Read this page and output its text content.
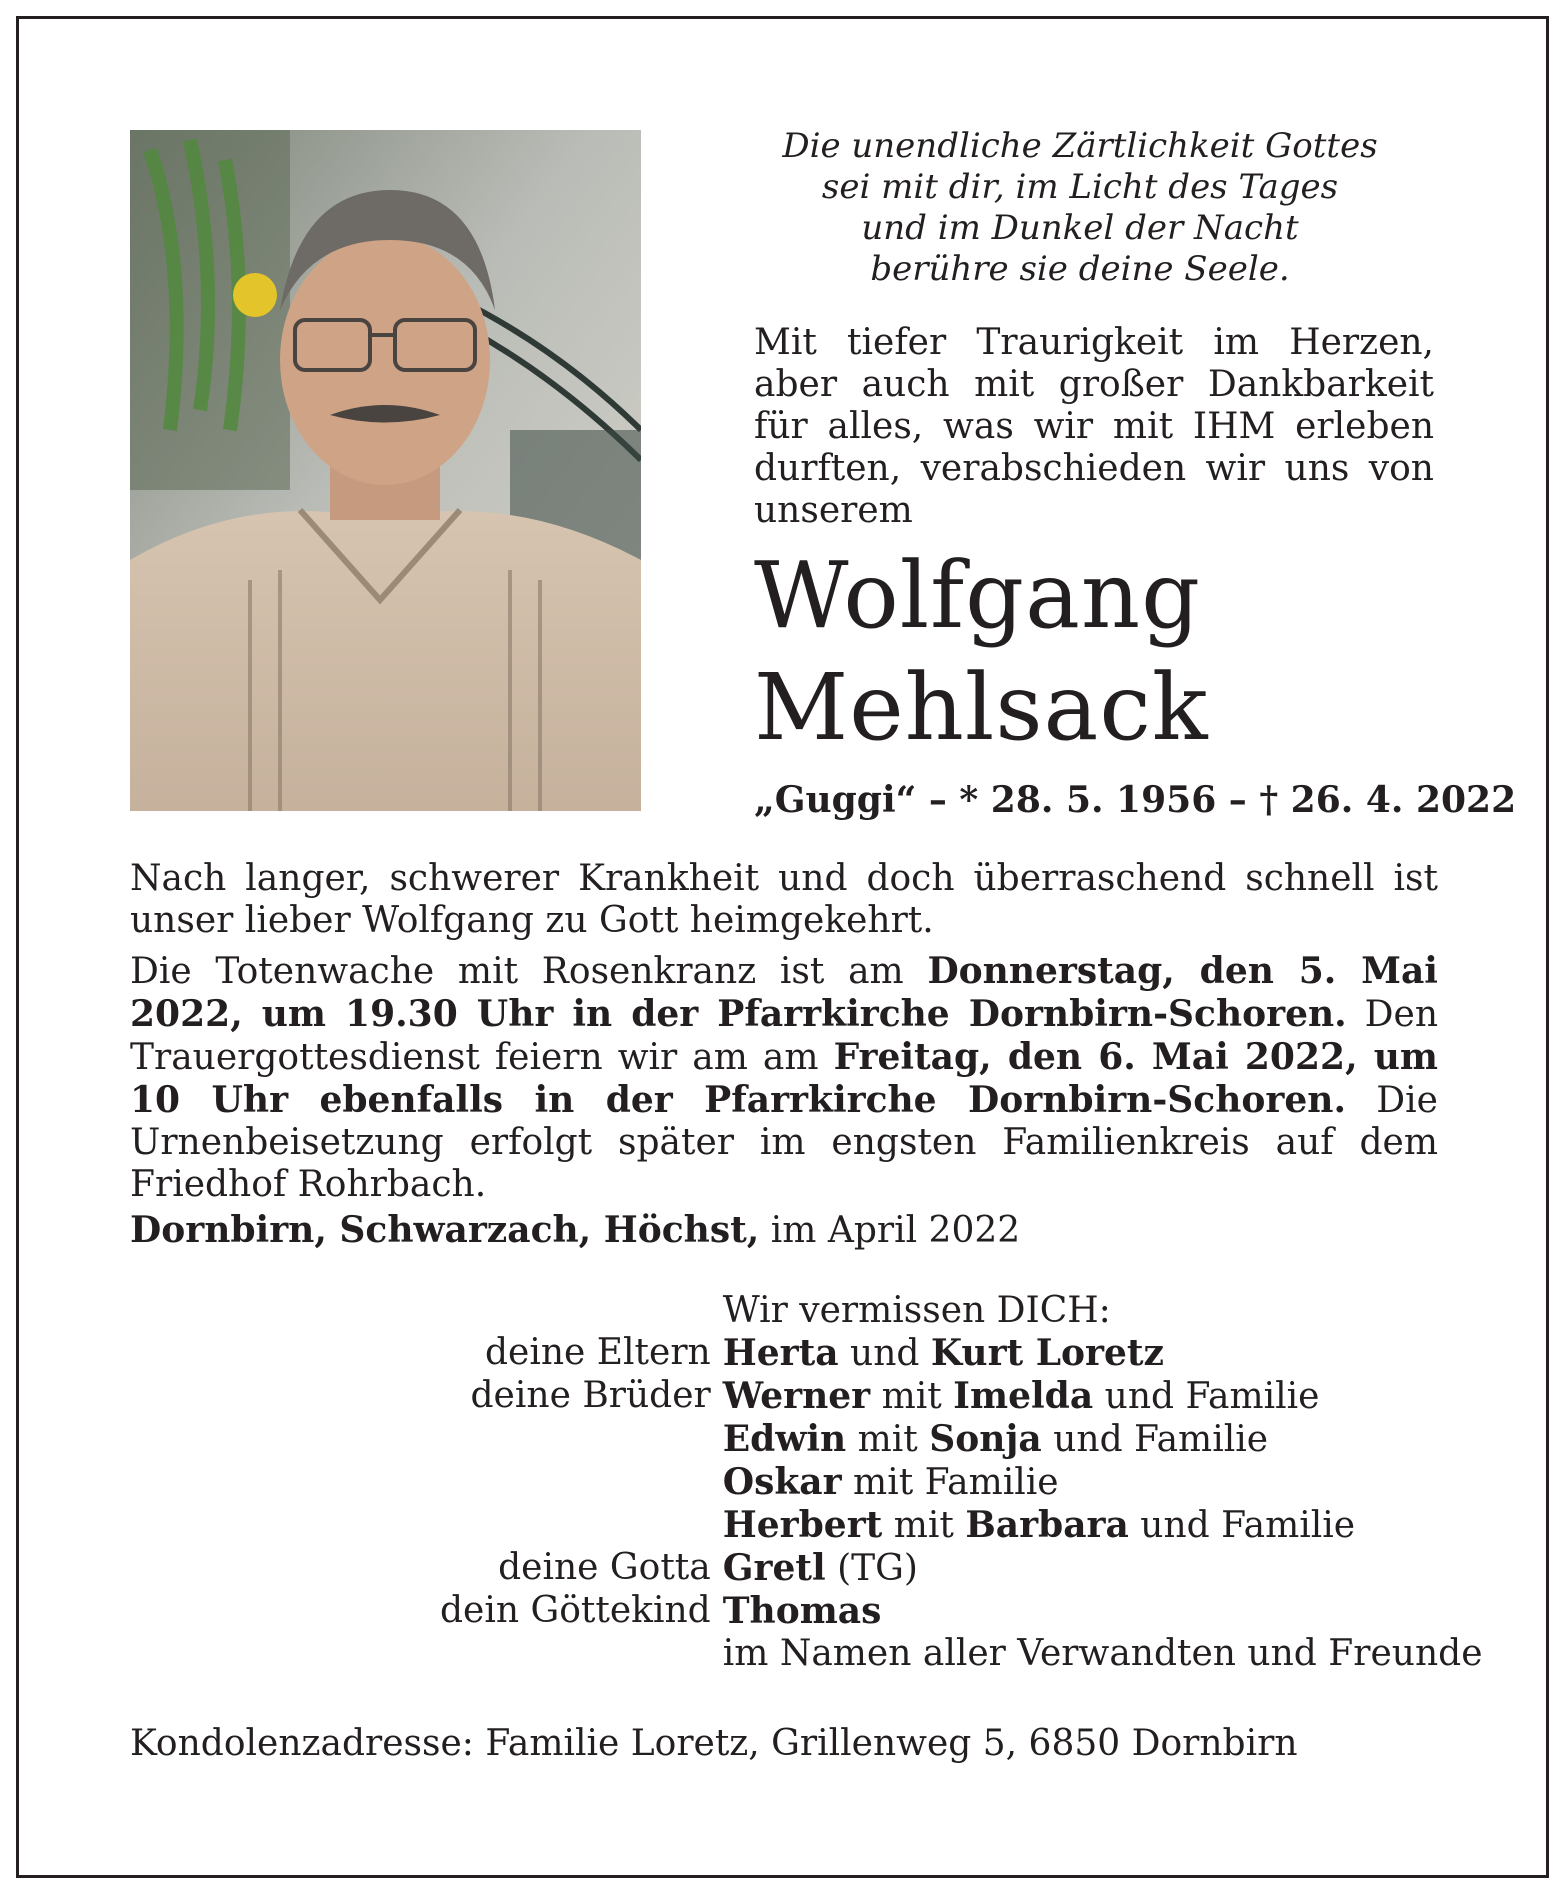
Die unendliche Zärtlichkeit Gottes
sei mit dir, im Licht des Tages
und im Dunkel der Nacht
berühre sie deine Seele.
Mit tiefer Traurigkeit im Herzen, aber auch mit großer Dankbarkeit für alles, was wir mit IHM erleben durften, verabschieden wir uns von unserem
Wolfgang
Mehlsack
„Guggi“ – * 28. 5. 1956 – † 26. 4. 2022

Nach langer, schwerer Krankheit und doch überraschend schnell ist unser lieber Wolfgang zu Gott heimgekehrt.

Die Totenwache mit Rosenkranz ist am Donnerstag, den 5. Mai 2022, um 19.30 Uhr in der Pfarrkirche Dornbirn-Schoren. Den Trauergottesdienst feiern wir am am Freitag, den 6. Mai 2022, um 10 Uhr ebenfalls in der Pfarrkirche Dornbirn-Schoren. Die Urnenbeisetzung erfolgt später im engsten Familienkreis auf dem Friedhof Rohrbach.

Dornbirn, Schwarzach, Höchst, im April 2022
	Wir vermissen DICH:
deine Eltern	Herta und Kurt Loretz
deine Brüder	Werner mit Imelda und Familie
	Edwin mit Sonja und Familie
	Oskar mit Familie
	Herbert mit Barbara und Familie
deine Gotta	Gretl (TG)
dein Göttekind	Thomas
	im Namen aller Verwandten und Freunde
Kondolenzadresse: Familie Loretz, Grillenweg 5, 6850 Dornbirn
